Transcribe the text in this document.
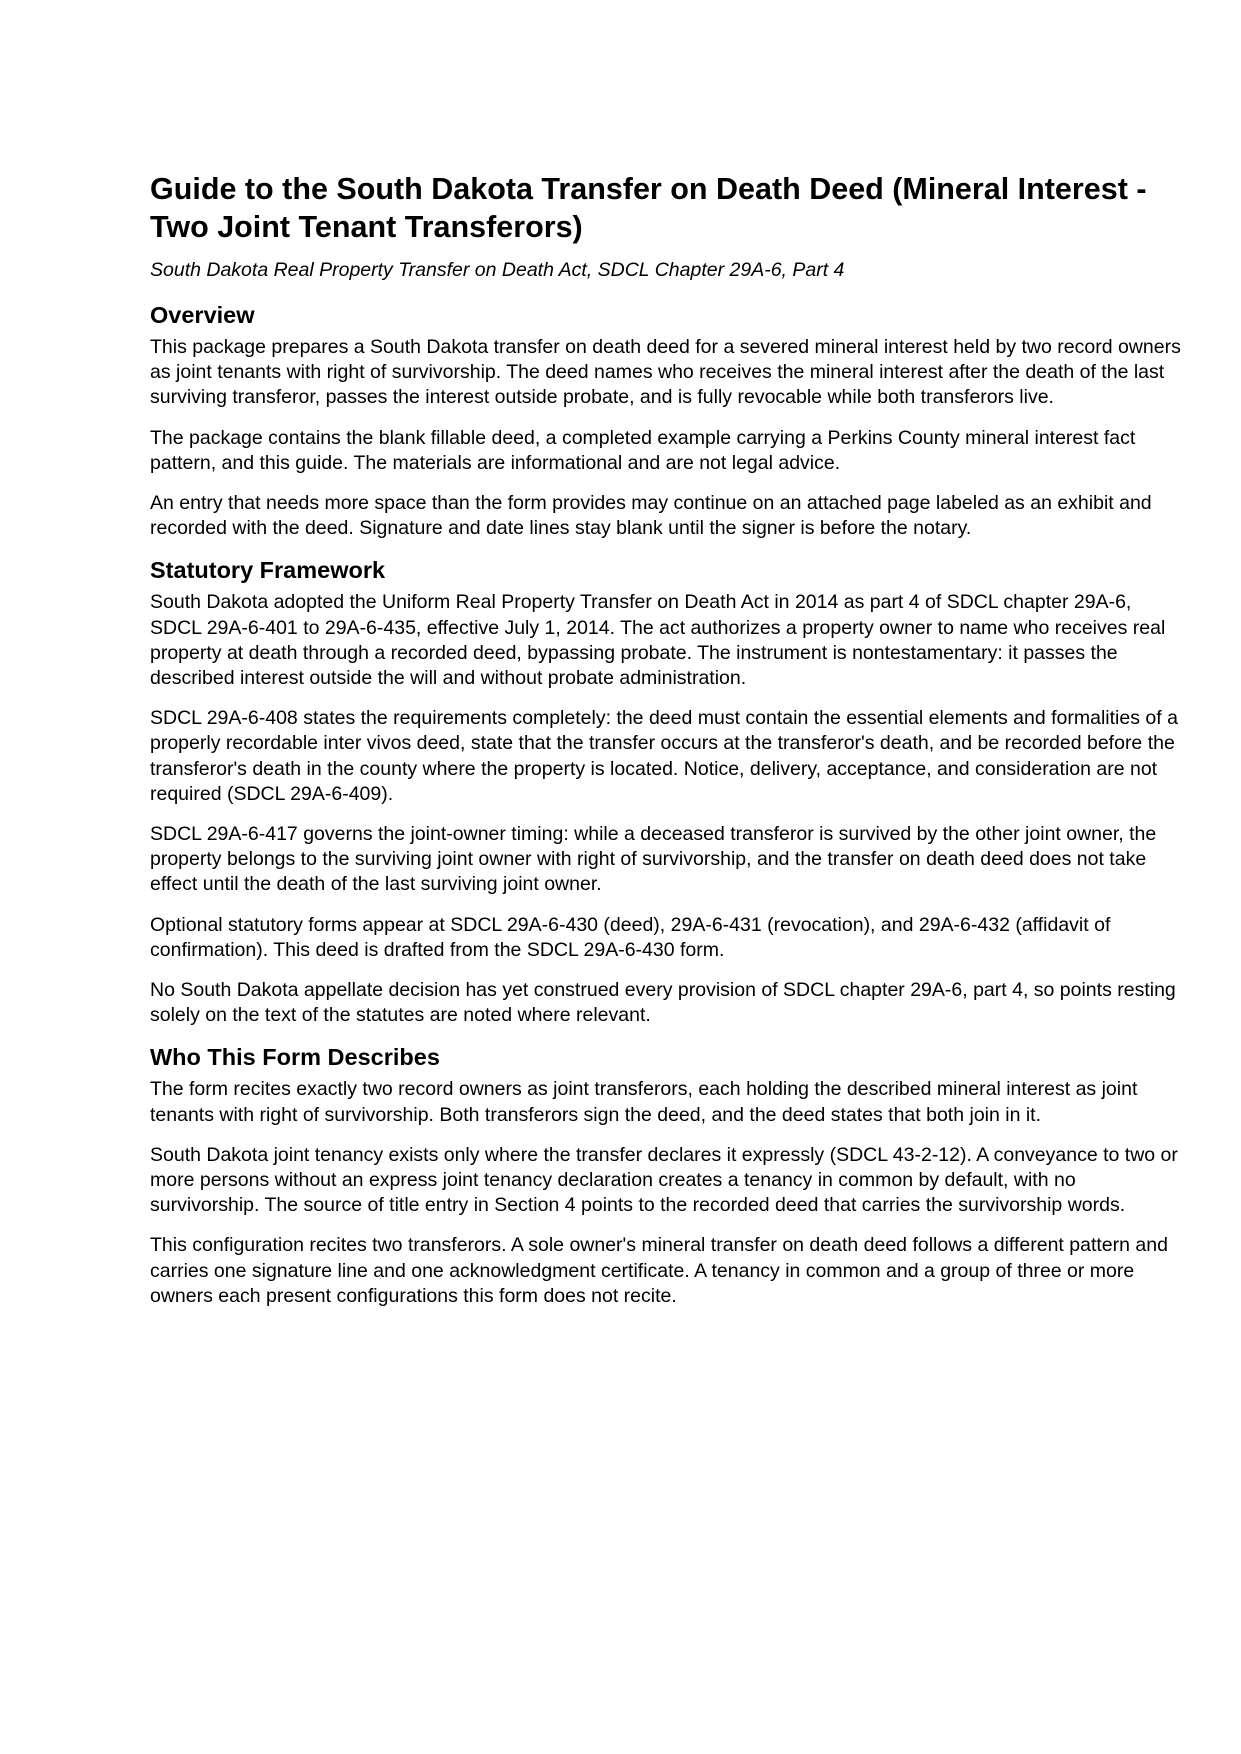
Guide to the South Dakota Transfer on Death Deed (Mineral Interest - Two Joint Tenant Transferors)
South Dakota Real Property Transfer on Death Act, SDCL Chapter 29A-6, Part 4
Overview

This package prepares a South Dakota transfer on death deed for a severed mineral interest held by two record owners as joint tenants with right of survivorship. The deed names who receives the mineral interest after the death of the last surviving transferor, passes the interest outside probate, and is fully revocable while both transferors live.

The package contains the blank fillable deed, a completed example carrying a Perkins County mineral interest fact pattern, and this guide. The materials are informational and are not legal advice.

An entry that needs more space than the form provides may continue on an attached page labeled as an exhibit and recorded with the deed. Signature and date lines stay blank until the signer is before the notary.

Statutory Framework

South Dakota adopted the Uniform Real Property Transfer on Death Act in 2014 as part 4 of SDCL chapter 29A-6, SDCL 29A-6-401 to 29A-6-435, effective July 1, 2014. The act authorizes a property owner to name who receives real property at death through a recorded deed, bypassing probate. The instrument is nontestamentary: it passes the described interest outside the will and without probate administration.

SDCL 29A-6-408 states the requirements completely: the deed must contain the essential elements and formalities of a properly recordable inter vivos deed, state that the transfer occurs at the transferor's death, and be recorded before the transferor's death in the county where the property is located. Notice, delivery, acceptance, and consideration are not required (SDCL 29A-6-409).

SDCL 29A-6-417 governs the joint-owner timing: while a deceased transferor is survived by the other joint owner, the property belongs to the surviving joint owner with right of survivorship, and the transfer on death deed does not take effect until the death of the last surviving joint owner.

Optional statutory forms appear at SDCL 29A-6-430 (deed), 29A-6-431 (revocation), and 29A-6-432 (affidavit of confirmation). This deed is drafted from the SDCL 29A-6-430 form.

No South Dakota appellate decision has yet construed every provision of SDCL chapter 29A-6, part 4, so points resting solely on the text of the statutes are noted where relevant.

Who This Form Describes

The form recites exactly two record owners as joint transferors, each holding the described mineral interest as joint tenants with right of survivorship. Both transferors sign the deed, and the deed states that both join in it.

South Dakota joint tenancy exists only where the transfer declares it expressly (SDCL 43-2-12). A conveyance to two or more persons without an express joint tenancy declaration creates a tenancy in common by default, with no survivorship. The source of title entry in Section 4 points to the recorded deed that carries the survivorship words.

This configuration recites two transferors. A sole owner's mineral transfer on death deed follows a different pattern and carries one signature line and one acknowledgment certificate. A tenancy in common and a group of three or more owners each present configurations this form does not recite.
